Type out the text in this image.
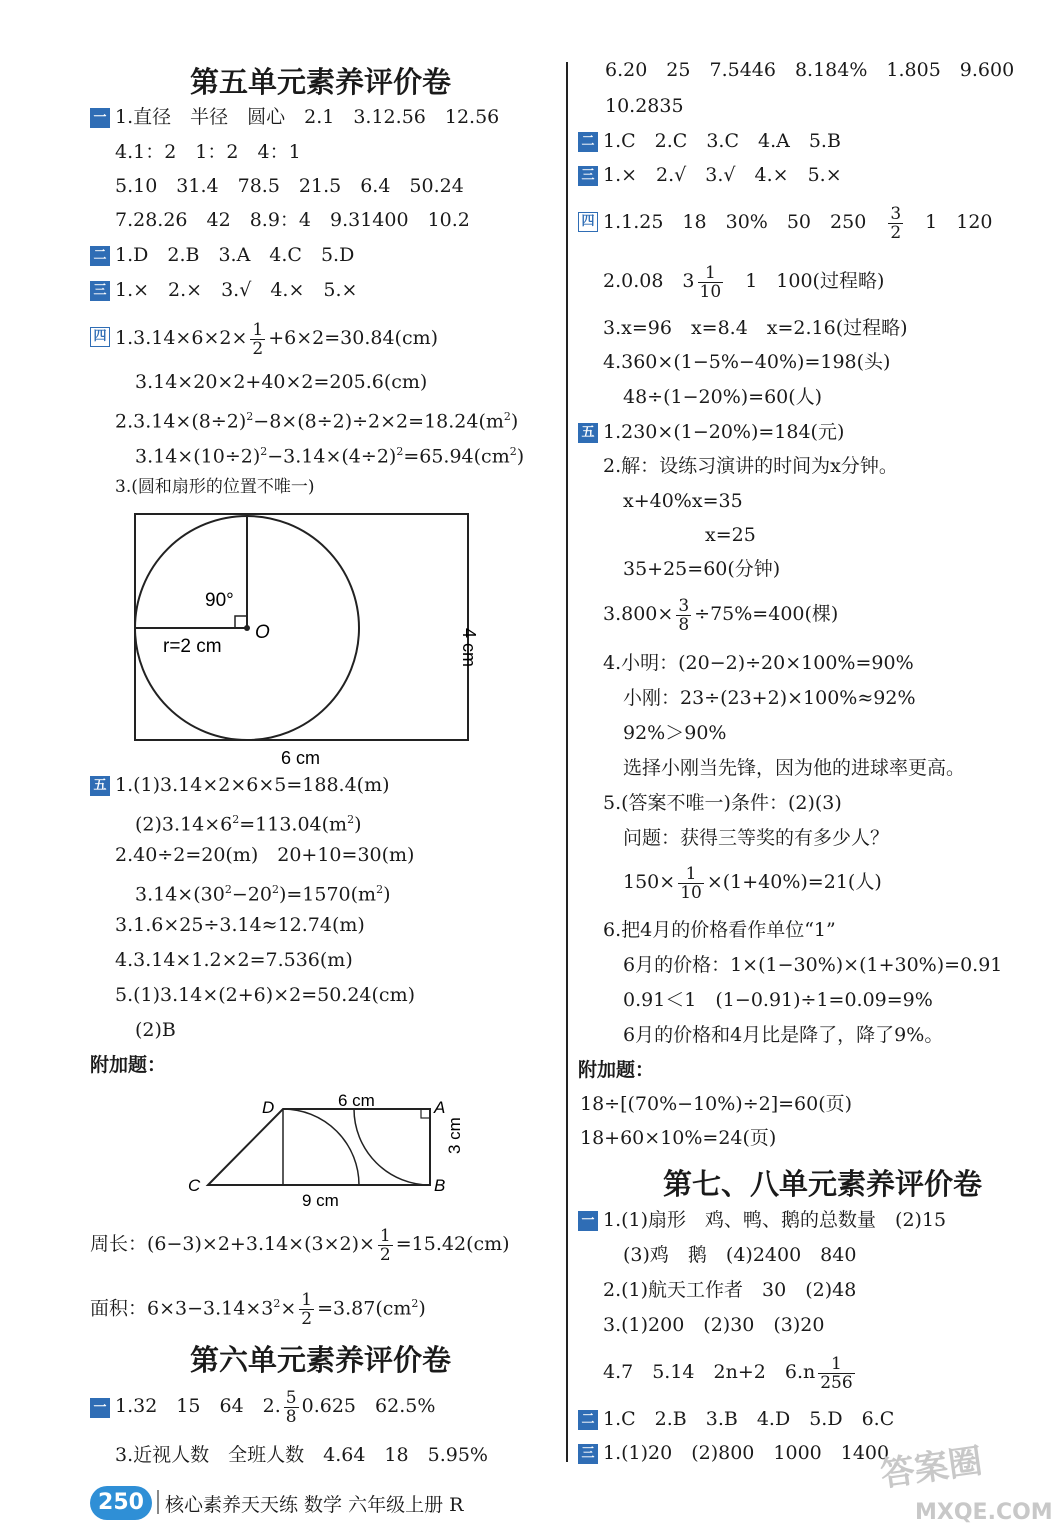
第五单元素养评价卷
一 1.直径　半径　圆心　2.1　3.12.56　12.56
4.1：2　1：2　4：1
5.10　31.4　78.5　21.5　6.4　50.24
7.28.26　42　8.9：4　9.31400　10.2
二 1.D　2.B　3.A　4.C　5.D
三 1.×　2.×　3.√　4.×　5.×
四 $1.3.14\times 6\times 2\times \frac{1}{2} +6\times 2=30.84(cm)$
3.14×20×2+40×2=205.6(cm)
$2.3.14\times(8\div 2)^2-8\times(8\div 2)\div 2\times 2=18.24(m^2)$
$3.14\times(10\div 2)^2-3.14\times(4\div 2)^2=65.94(cm^2)$
3.(圆和扇形的位置不唯一)
90°
O
r=2 cm	4 cm
6 cm
五 1.(1)3.14×2×6×5=188.4(m)
$(2)3.14\times 6^2=113.04(m^2)$
2.40÷2=20(m)　20+10=30(m)
$3.14\times(30^2-20^2)=1570(m^2)$
3.1.6×25÷3.14≈12.74(m)
4.3.14×1.2×2=7.536(m)
5.(1)3.14×(2+6)×2=50.24(cm)
(2)B
附加题：
6 cm
9 cm
3 cm
D	A
C	B
周长：$(6-3)\times 2+3.14\times(3\times 2)\times \frac{1}{2} =15.42(cm)$
面积：$6\times 3-3.14\times 3^2\times \frac{1}{2} =3.87(cm^2)$
第六单元素养评价卷
一 1.32　15　64　2. $\frac{5}{8} 0.625$　62.5%
3.近视人数　全班人数　4.64　18　5.95%
6.20　25　7.5446　8.184%　1.805　9.600
10.2835
二 1.C　2.C　3.C　4.A　5.B
三 1.×　2.√　3.√　4.×　5.×
四 1.1.25　18　30%　50　250　 $\frac{3}{2}$
　 1　120
2.0.08　$3 \frac{1}{10}$
　 1　100(过程略)
3.x=96　x=8.4　x=2.16(过程略)
4.360×(1−5%−40%)=198(头)
48÷(1−20%)=60(人)
五 1.230×(1−20%)=184(元)
2.解：设练习演讲的时间为x分钟。
x+40%x=35
x=25
35+25=60(分钟)
$3.800\times \frac{3}{8} \div 75\%=400$(棵)
4.小明：(20−2)÷20×100%=90%
小刚：23÷(23+2)×100%≈92%
92%＞90%
选择小刚当先锋，因为他的进球率更高。
5.(答案不唯一)条件：(2)(3)
问题：获得三等奖的有多少人？
$150\times \frac{1}{10} \times(1+40\%)=21$(人)
6.把4月的价格看作单位“1”
6月的价格：1×(1−30%)×(1+30%)=0.91
0.91＜1　(1−0.91)÷1=0.09=9%
6月的价格和4月比是降了，降了9%。
附加题：
18÷[(70%−10%)÷2]=60(页)
18+60×10%=24(页)
第七、八单元素养评价卷
一 1.(1)扇形　鸡、鸭、鹅的总数量　(2)15
(3)鸡　鹅　(4)2400　840
2.(1)航天工作者　30　(2)48
3.(1)200　(2)30　(3)20
4.7　5.14　2n+2　$6.n \frac{1}{256}$
二 1.C　2.B　3.B　4.D　5.D　6.C
三 1.(1)20　(2)800　1000　1400
250	核心素养天天练 数学 六年级上册 R
答案圈
MXQE.COM
